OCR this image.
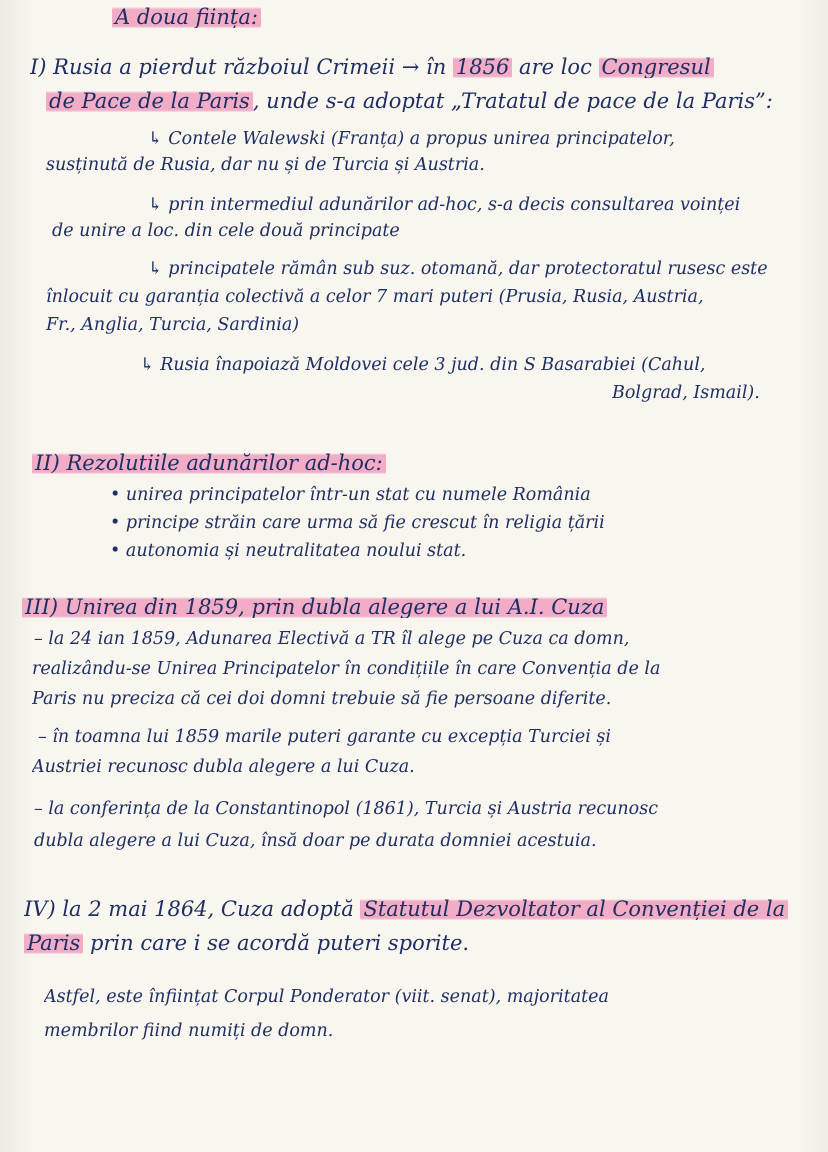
A doua ființa:
I) Rusia a pierdut războiul Crimeii → în 1856 are loc Congresul
de Pace de la Paris , unde s-a adoptat „Tratatul de pace de la Paris”:
↳ Contele Walewski (Franța) a propus unirea principatelor,
susținută de Rusia, dar nu și de Turcia și Austria.
↳ prin intermediul adunărilor ad-hoc, s-a decis consultarea voinței
de unire a loc. din cele două principate
↳ principatele rămân sub suz. otomană, dar protectoratul rusesc este
înlocuit cu garanția colectivă a celor 7 mari puteri (Prusia, Rusia, Austria,
Fr., Anglia, Turcia, Sardinia)
↳ Rusia înapoiază Moldovei cele 3 jud. din S Basarabiei (Cahul,
Bolgrad, Ismail).
II) Rezolutiile adunărilor ad-hoc:
• unirea principatelor într-un stat cu numele România
• principe străin care urma să fie crescut în religia țării
• autonomia și neutralitatea noului stat.
III) Unirea din 1859, prin dubla alegere a lui A.I. Cuza
– la 24 ian 1859, Adunarea Electivă a TR îl alege pe Cuza ca domn,
realizându-se Unirea Principatelor în condițiile în care Convenția de la
Paris nu preciza că cei doi domni trebuie să fie persoane diferite.
– în toamna lui 1859 marile puteri garante cu excepția Turciei și
Austriei recunosc dubla alegere a lui Cuza.
– la conferința de la Constantinopol (1861), Turcia și Austria recunosc
dubla alegere a lui Cuza, însă doar pe durata domniei acestuia.
IV) la 2 mai 1864, Cuza adoptă Statutul Dezvoltator al Convenției de la
Paris prin care i se acordă puteri sporite.
Astfel, este înființat Corpul Ponderator (viit. senat), majoritatea
membrilor fiind numiți de domn.
